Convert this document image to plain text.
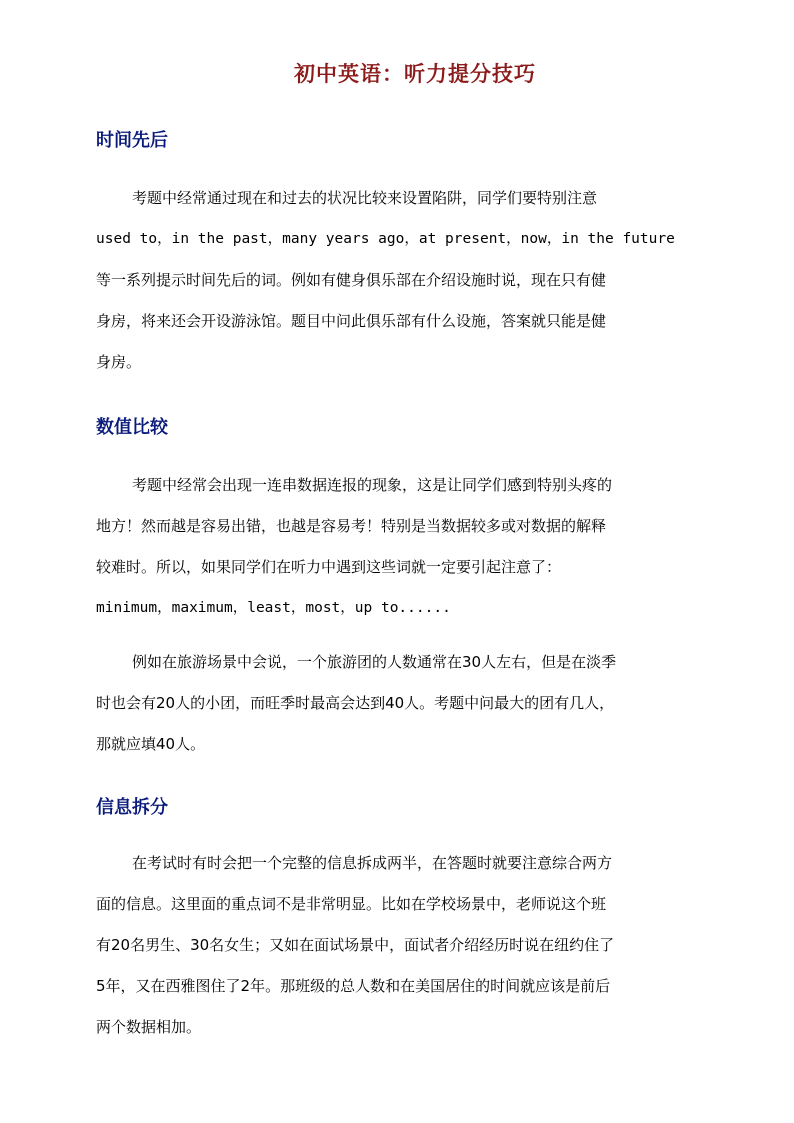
初中英语：听力提分技巧
时间先后
考题中经常通过现在和过去的状况比较来设置陷阱，同学们要特别注意
used to，in the past，many years ago，at present，now，in the future
等一系列提示时间先后的词。例如有健身俱乐部在介绍设施时说，现在只有健
身房，将来还会开设游泳馆。题目中问此俱乐部有什么设施，答案就只能是健
身房。
数值比较
考题中经常会出现一连串数据连报的现象，这是让同学们感到特别头疼的
地方！然而越是容易出错，也越是容易考！特别是当数据较多或对数据的解释
较难时。所以，如果同学们在听力中遇到这些词就一定要引起注意了：
minimum，maximum，least，most，up to......
例如在旅游场景中会说，一个旅游团的人数通常在30人左右，但是在淡季
时也会有20人的小团，而旺季时最高会达到40人。考题中问最大的团有几人，
那就应填40人。
信息拆分
在考试时有时会把一个完整的信息拆成两半，在答题时就要注意综合两方
面的信息。这里面的重点词不是非常明显。比如在学校场景中，老师说这个班
有20名男生、30名女生；又如在面试场景中，面试者介绍经历时说在纽约住了
5年，又在西雅图住了2年。那班级的总人数和在美国居住的时间就应该是前后
两个数据相加。
